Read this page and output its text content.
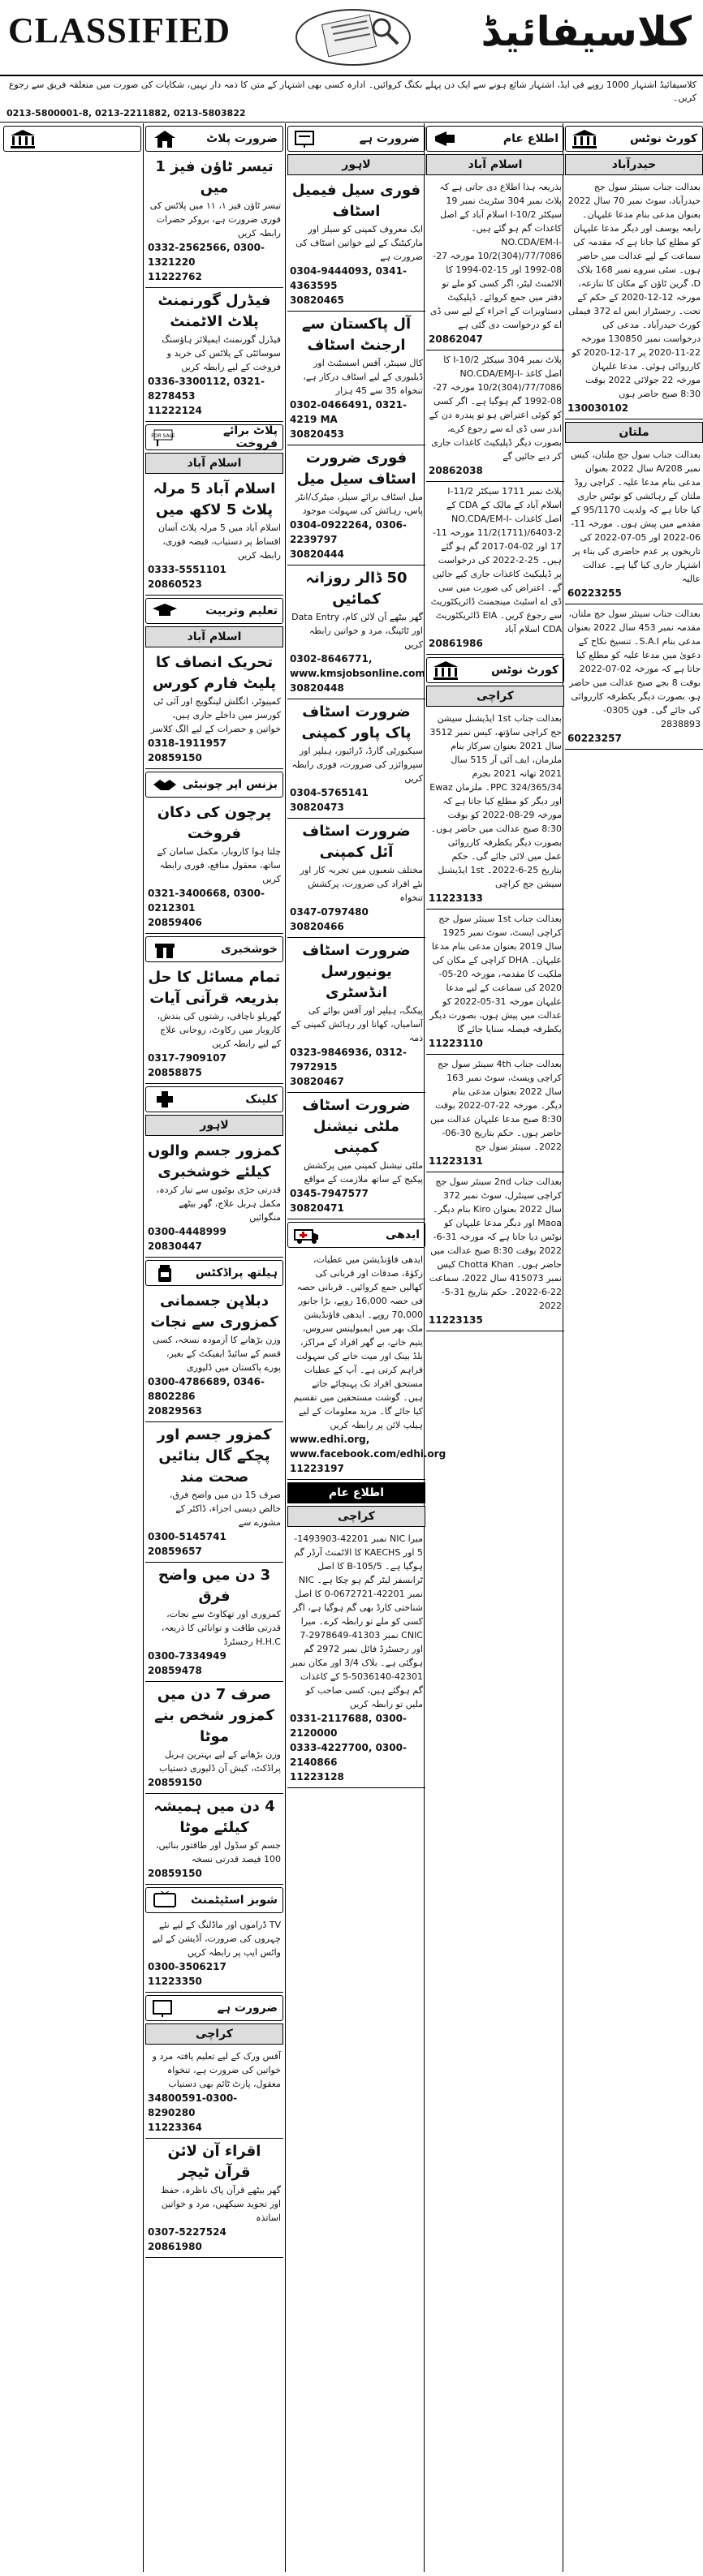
CLASSIFIED	کلاسیفائیڈ
کلاسیفائیڈ اشتہار 1000 روپے فی ایڈ، اشتہار شائع ہونے سے ایک دن پہلے بکنگ کروائیں۔ ادارہ کسی بھی اشتہار کے متن کا ذمہ دار نہیں، شکایات کی صورت میں متعلقہ فریق سے رجوع کریں۔
0213-5800001-8, 0213-2211882, 0213-5803822
کورٹ نوٹس
حیدرآباد
بعدالت جناب سینئر سول جج حیدرآباد، سوٹ نمبر 70 سال 2022 بعنوان مدعی بنام مدعا علیہان۔ رابعہ یوسف اور دیگر مدعا علیہان کو مطلع کیا جاتا ہے کہ مقدمہ کی سماعت کے لیے عدالت میں حاضر ہوں۔ سٹی سروے نمبر 168 بلاک D، گرین ٹاؤن کے مکان کا تنازعہ، مورخہ 12-12-2020 کے حکم کے تحت۔ رجسٹرار ایس اے 372 فیملی کورٹ حیدرآباد۔ مدعی کی درخواست نمبر 130850 مورخہ 22-11-2020 پر 17-12-2020 کو کارروائی ہوئی۔ مدعا علیہان مورخہ 22 جولائی 2022 بوقت 8:30 صبح حاضر ہوں
130030102
ملتان
بعدالت جناب سول جج ملتان، کیس نمبر 208/A سال 2022 بعنوان مدعی بنام مدعا علیہ۔ کراچی روڈ ملتان کے رہائشی کو نوٹس جاری کیا جاتا ہے کہ ولدیت 95/1170 کے مقدمے میں پیش ہوں۔ مورخہ 11-06-2022 اور 05-07-2022 کی تاریخوں پر عدم حاضری کی بناء پر اشتہار جاری کیا گیا ہے۔ عدالت عالیہ
60223255
بعدالت جناب سینئر سول جج ملتان، مقدمہ نمبر 453 سال 2022 بعنوان مدعی بنام S.A.I۔ تنسیخ نکاح کے دعویٰ میں مدعا علیہ کو مطلع کیا جاتا ہے کہ مورخہ 02-07-2022 بوقت 8 بجے صبح عدالت میں حاضر ہو، بصورت دیگر یکطرفہ کارروائی کی جائے گی۔ فون 0305-2838893
60223257
اطلاع عام
اسلام آباد
بذریعہ ہذا اطلاع دی جاتی ہے کہ پلاٹ نمبر 304 سٹریٹ نمبر 19 سیکٹر I-10/2 اسلام آباد کے اصل کاغذات گم ہو گئے ہیں۔ NO.CDA/EM-I-10/2(304)/77/7086 مورخہ 27-08-1992 اور 15-02-1994 کا الاٹمنٹ لیٹر، اگر کسی کو ملے تو دفتر میں جمع کروائے۔ ڈپلیکیٹ دستاویزات کے اجراء کے لیے سی ڈی اے کو درخواست دی گئی ہے
20862047
پلاٹ نمبر 304 سیکٹر I-10/2 کا اصل کاغذ NO.CDA/EMJ-I-10/2(304)/77/7086 مورخہ 27-08-1992 گم ہوگیا ہے۔ اگر کسی کو کوئی اعتراض ہو تو پندرہ دن کے اندر سی ڈی اے سے رجوع کرے، بصورت دیگر ڈپلیکیٹ کاغذات جاری کر دیے جائیں گے
20862038
پلاٹ نمبر 1711 سیکٹر I-11/2 اسلام آباد کے مالک کے CDA کے اصل کاغذات NO.CDA/EM-I-11/2(1711)/6403-2 مورخہ 11-17 اور 02-04-2017 گم ہو گئے ہیں۔ 25-2-2022 کی درخواست پر ڈپلیکیٹ کاغذات جاری کیے جائیں گے۔ اعتراض کی صورت میں سی ڈی اے اسٹیٹ مینجمنٹ ڈائریکٹوریٹ سے رجوع کریں۔ EIA ڈائریکٹوریٹ CDA اسلام آباد
20861986
کورٹ نوٹس
کراچی
بعدالت جناب 1st ایڈیشنل سیشن جج کراچی ساؤتھ، کیس نمبر 3512 سال 2021 بعنوان سرکار بنام ملزمان، ایف آئی آر 515 سال 2021 تھانہ 2021 بجرم 324/365/34 PPC۔ ملزمان Ewaz اور دیگر کو مطلع کیا جاتا ہے کہ مورخہ 29-08-2022 کو بوقت 8:30 صبح عدالت میں حاضر ہوں۔ بصورت دیگر یکطرفہ کارروائی عمل میں لائی جائے گی۔ حکم بتاریخ 25-6-2022۔ 1st ایڈیشنل سیشن جج کراچی
11223133
بعدالت جناب 1st سینئر سول جج کراچی ایسٹ، سوٹ نمبر 1925 سال 2019 بعنوان مدعی بنام مدعا علیہان۔ DHA کراچی کے مکان کی ملکیت کا مقدمہ، مورخہ 20-05-2020 کی سماعت کے لیے مدعا علیہان مورخہ 31-05-2022 کو عدالت میں پیش ہوں، بصورت دیگر یکطرفہ فیصلہ سنایا جائے گا
11223110
بعدالت جناب 4th سینئر سول جج کراچی ویسٹ، سوٹ نمبر 163 سال 2022 بعنوان مدعی بنام دیگر۔ مورخہ 22-07-2022 بوقت 8:30 صبح مدعا علیہان عدالت میں حاضر ہوں۔ حکم بتاریخ 30-06-2022۔ سینئر سول جج
11223131
بعدالت جناب 2nd سینئر سول جج کراچی سینٹرل، سوٹ نمبر 372 سال 2022 بعنوان Kiro بنام دیگر۔ Maoa اور دیگر مدعا علیہان کو نوٹس دیا جاتا ہے کہ مورخہ 31-6-2022 بوقت 8:30 صبح عدالت میں حاضر ہوں۔ Chotta Khan کیس نمبر 415073 سال 2022، سماعت 22-6-2022۔ حکم بتاریخ 31-5-2022
11223135
ضرورت ہے
لاہور
فوری سیل فیمیل اسٹاف
ایک معروف کمپنی کو سیلز اور مارکیٹنگ کے لیے خواتین اسٹاف کی ضرورت ہے
0304-9444093, 0341-4363595
30820465
آل پاکستان سے ارجنٹ اسٹاف
کال سینٹر، آفس اسسٹنٹ اور ڈیلیوری کے لیے اسٹاف درکار ہے، تنخواہ 35 سے 45 ہزار
0302-0466491, 0321-4219 MA
30820453
فوری ضرورت اسٹاف سیل میل
میل اسٹاف برائے سیلز، میٹرک/انٹر پاس، رہائش کی سہولت موجود
0304-0922264, 0306-2239797
30820444
50 ڈالر روزانہ کمائیں
گھر بیٹھے آن لائن کام، Data Entry اور ٹائپنگ، مرد و خواتین رابطہ کریں
0302-8646771, www.kmsjobsonline.com
30820448
ضرورت اسٹاف پاک پاور کمپنی
سیکیورٹی گارڈ، ڈرائیور، ہیلپر اور سپروائزر کی ضرورت، فوری رابطہ کریں
0304-5765141
30820473
ضرورت اسٹاف آئل کمپنی
مختلف شعبوں میں تجربہ کار اور نئے افراد کی ضرورت، پرکشش تنخواہ
0347-0797480
30820466
ضرورت اسٹاف یونیورسل انڈسٹری
پیکنگ، ہیلپر اور آفس بوائے کی آسامیاں، کھانا اور رہائش کمپنی کے ذمہ
0323-9846936, 0312-7972915
30820467
ضرورت اسٹاف ملٹی نیشنل کمپنی
ملٹی نیشنل کمپنی میں پرکشش پیکیج کے ساتھ ملازمت کے مواقع
0345-7947577
30820471
ایدھی
ایدھی فاؤنڈیشن میں عطیات، زکوٰۃ، صدقات اور قربانی کی کھالیں جمع کروائیں۔ قربانی حصہ فی حصہ 16,000 روپے، بڑا جانور 70,000 روپے۔ ایدھی فاؤنڈیشن ملک بھر میں ایمبولینس سروس، یتیم خانے، بے گھر افراد کے مراکز، بلڈ بینک اور میت خانے کی سہولت فراہم کرتی ہے۔ آپ کے عطیات مستحق افراد تک پہنچائے جاتے ہیں۔ گوشت مستحقین میں تقسیم کیا جائے گا۔ مزید معلومات کے لیے ہیلپ لائن پر رابطہ کریں
www.edhi.org, www.facebook.com/edhi.org
11223197
اطلاع عام
کراچی
میرا NIC نمبر 42201-1493903-5 اور KAECHS کا الاٹمنٹ آرڈر گم ہوگیا ہے۔ B-105/5 کا اصل ٹرانسفر لیٹر گم ہو چکا ہے۔ NIC نمبر 42201-0672721-0 کا اصل شناختی کارڈ بھی گم ہوگیا ہے، اگر کسی کو ملے تو رابطہ کرے۔ میرا CNIC نمبر 41303-2978649-7 اور رجسٹرڈ فائل نمبر 2972 گم ہوگئی ہے۔ بلاک 3/4 اور مکان نمبر 42301-5036140-5 کے کاغذات گم ہوگئے ہیں، کسی صاحب کو ملیں تو رابطہ کریں
0331-2117688, 0300-2120000
0333-4227700, 0300-2140866
11223128
ضرورت پلاٹ
تیسر ٹاؤن فیز 1 میں
تیسر ٹاؤن فیز ۱، ۱۱ میں پلاٹس کی فوری ضرورت ہے، بروکر حضرات رابطہ کریں
0332-2562566, 0300-1321220
11222762
فیڈرل گورنمنٹ پلاٹ الاٹمنٹ
فیڈرل گورنمنٹ ایمپلائز ہاؤسنگ سوسائٹی کے پلاٹس کی خرید و فروخت کے لیے رابطہ کریں
0336-3300112, 0321-8278453
11222124
FOR SALE	پلاٹ برائے فروخت
اسلام آباد
اسلام آباد 5 مرلہ پلاٹ 5 لاکھ میں
اسلام آباد میں 5 مرلہ پلاٹ آسان اقساط پر دستیاب، قبضہ فوری، رابطہ کریں
0333-5551101
20860523
تعلیم وتربیت
اسلام آباد
تحریک انصاف کا پلیٹ فارم کورس
کمپیوٹر، انگلش لینگویج اور آئی ٹی کورسز میں داخلے جاری ہیں، خواتین و حضرات کے لیے الگ کلاسز
0318-1911957
20859150
بزنس اپر چونیٹی
پرچون کی دکان فروخت
چلتا ہوا کاروبار، مکمل سامان کے ساتھ، معقول منافع، فوری رابطہ کریں
0321-3400668, 0300-0212301
20859406
خوشخبری
تمام مسائل کا حل بذریعہ قرآنی آیات
گھریلو ناچاقی، رشتوں کی بندش، کاروبار میں رکاوٹ، روحانی علاج کے لیے رابطہ کریں
0317-7909107
20858875
کلینک
لاہور
کمزور جسم والوں کیلئے خوشخبری
قدرتی جڑی بوٹیوں سے تیار کردہ، مکمل ہربل علاج، گھر بیٹھے منگوائیں
0300-4448999
20830447
ہیلتھ پراڈکٹس
دبلاپن جسمانی کمزوری سے نجات
وزن بڑھانے کا آزمودہ نسخہ، کسی قسم کے سائیڈ ایفیکٹ کے بغیر، پورے پاکستان میں ڈلیوری
0300-4786689, 0346-8802286
20829563
کمزور جسم اور پچکے گال بنائیں صحت مند
صرف 15 دن میں واضح فرق، خالص دیسی اجزاء، ڈاکٹر کے مشورے سے
0300-5145741
20859657
3 دن میں واضح فرق
کمزوری اور تھکاوٹ سے نجات، قدرتی طاقت و توانائی کا ذریعہ، H.H.C رجسٹرڈ
0300-7334949
20859478
صرف 7 دن میں کمزور شخص بنے موٹا
وزن بڑھانے کے لیے بہترین ہربل پراڈکٹ، کیش آن ڈلیوری دستیاب
20859150
4 دن میں ہمیشہ کیلئے موٹا
جسم کو سڈول اور طاقتور بنائیں، 100 فیصد قدرتی نسخہ
20859150
شوبز اسٹیٹمنٹ
TV ڈراموں اور ماڈلنگ کے لیے نئے چہروں کی ضرورت، آڈیشن کے لیے واٹس ایپ پر رابطہ کریں
0300-3506217
11223350
ضرورت ہے
کراچی
آفس ورک کے لیے تعلیم یافتہ مرد و خواتین کی ضرورت ہے، تنخواہ معقول، پارٹ ٹائم بھی دستیاب
34800591-0300-8290280
11223364
اقراء آن لائن قرآن ٹیچر
گھر بیٹھے قرآن پاک ناظرہ، حفظ اور تجوید سیکھیں، مرد و خواتین اساتذہ
0307-5227524
20861980
